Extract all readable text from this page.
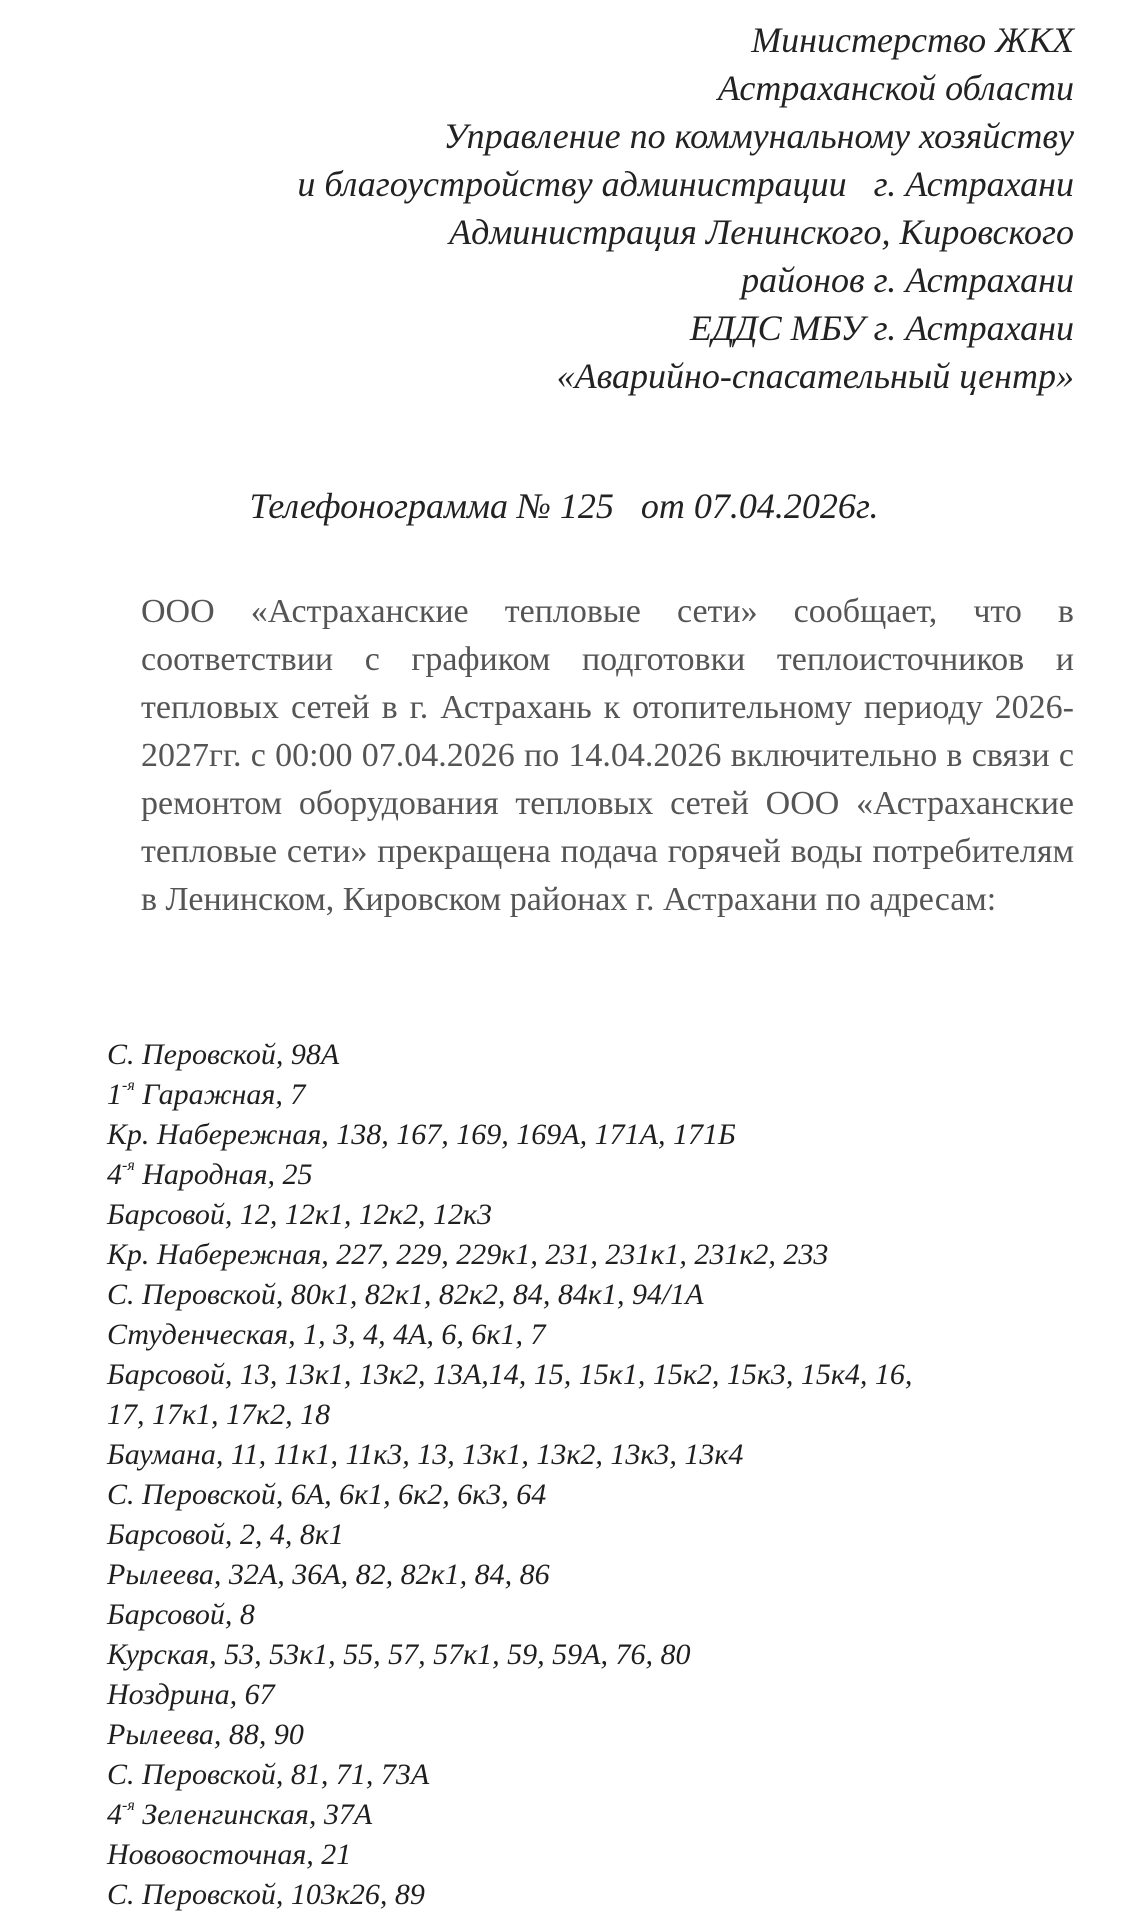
Министерство ЖКХ
Астраханской области
Управление по коммунальному хозяйству
и благоустройству администрации   г. Астрахани
Администрация Ленинского, Кировского
районов г. Астрахани
ЕДДС МБУ г. Астрахани
«Аварийно-спасательный центр»
Телефонограмма № 125 от 07.04.2026г.
ООО «Астраханские тепловые сети» сообщает, что в соответствии с графиком подготовки теплоисточников и тепловых сетей в г. Астрахань к отопительному периоду 2026-2027гг. с 00:00 07.04.2026 по 14.04.2026 включительно в связи с ремонтом оборудования тепловых сетей ООО «Астраханские тепловые сети» прекращена подача горячей воды потребителям в Ленинском, Кировском районах г. Астрахани по адресам:
С. Перовской, 98А
$1^{-я}$ Гаражная, 7
Кр. Набережная, 138, 167, 169, 169А, 171А, 171Б
$4^{-я}$ Народная, 25
Барсовой, 12, 12к1, 12к2, 12к3
Кр. Набережная, 227, 229, 229к1, 231, 231к1, 231к2, 233
С. Перовской, 80к1, 82к1, 82к2, 84, 84к1, 94/1А
Студенческая, 1, 3, 4, 4А, 6, 6к1, 7
Барсовой, 13, 13к1, 13к2, 13А,14, 15, 15к1, 15к2, 15к3, 15к4, 16,
17, 17к1, 17к2, 18
Баумана, 11, 11к1, 11к3, 13, 13к1, 13к2, 13к3, 13к4
С. Перовской, 6А, 6к1, 6к2, 6к3, 64
Барсовой, 2, 4, 8к1
Рылеева, 32А, 36А, 82, 82к1, 84, 86
Барсовой, 8
Курская, 53, 53к1, 55, 57, 57к1, 59, 59А, 76, 80
Ноздрина, 67
Рылеева, 88, 90
С. Перовской, 81, 71, 73А
$4^{-я}$ Зеленгинская, 37А
Нововосточная, 21
С. Перовской, 103к26, 89
